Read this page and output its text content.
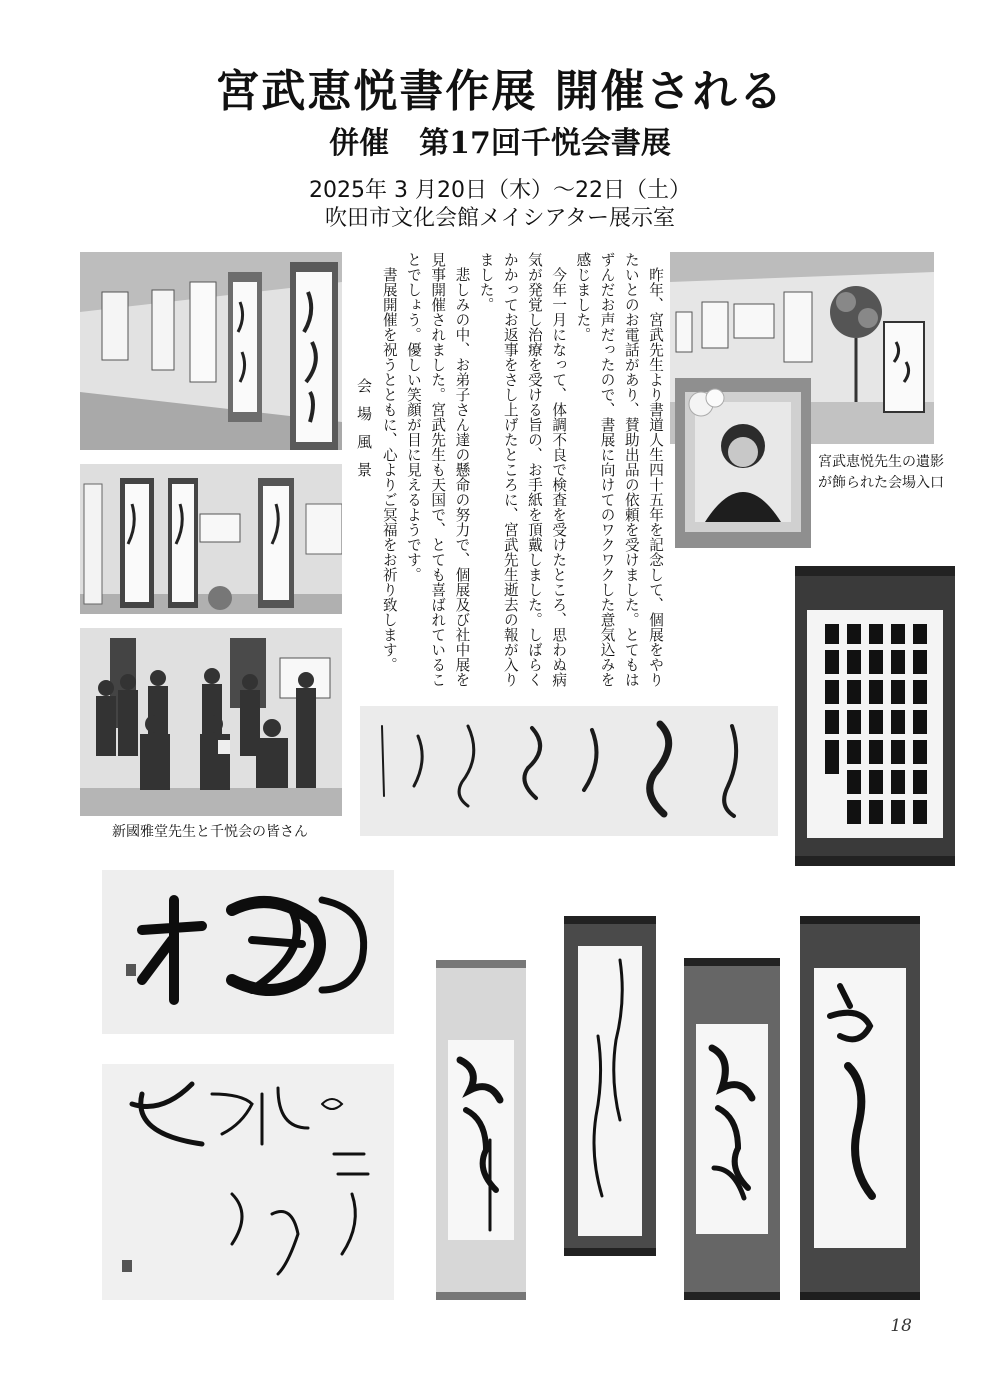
宮武恵悦書作展 開催される
併催　第17回千悦会書展
2025年 3 月20日（木）～22日（土）
吹田市文化会館メイシアター展示室
会場風景
新國雅堂先生と千悦会の皆さん

昨年、宮武先生より書道人生四十五年を記念して、個展をやりたいとのお電話があり、賛助出品の依頼を受けました。とてもはずんだお声だったので、書展に向けてのワクワクした意気込みを感じました。

今年一月になって、体調不良で検査を受けたところ、思わぬ病気が発覚し治療を受ける旨の、お手紙を頂戴しました。しばらくかかってお返事をさし上げたところに、宮武先生逝去の報が入りました。

悲しみの中、お弟子さん達の懸命の努力で、個展及び社中展を見事開催されました。宮武先生も天国で、とても喜ばれていることでしょう。優しい笑顔が目に見えるようです。

書展開催を祝うとともに、心よりご冥福をお祈り致します。	宮武恵悦先生の遺影が飾られた会場入口
18
